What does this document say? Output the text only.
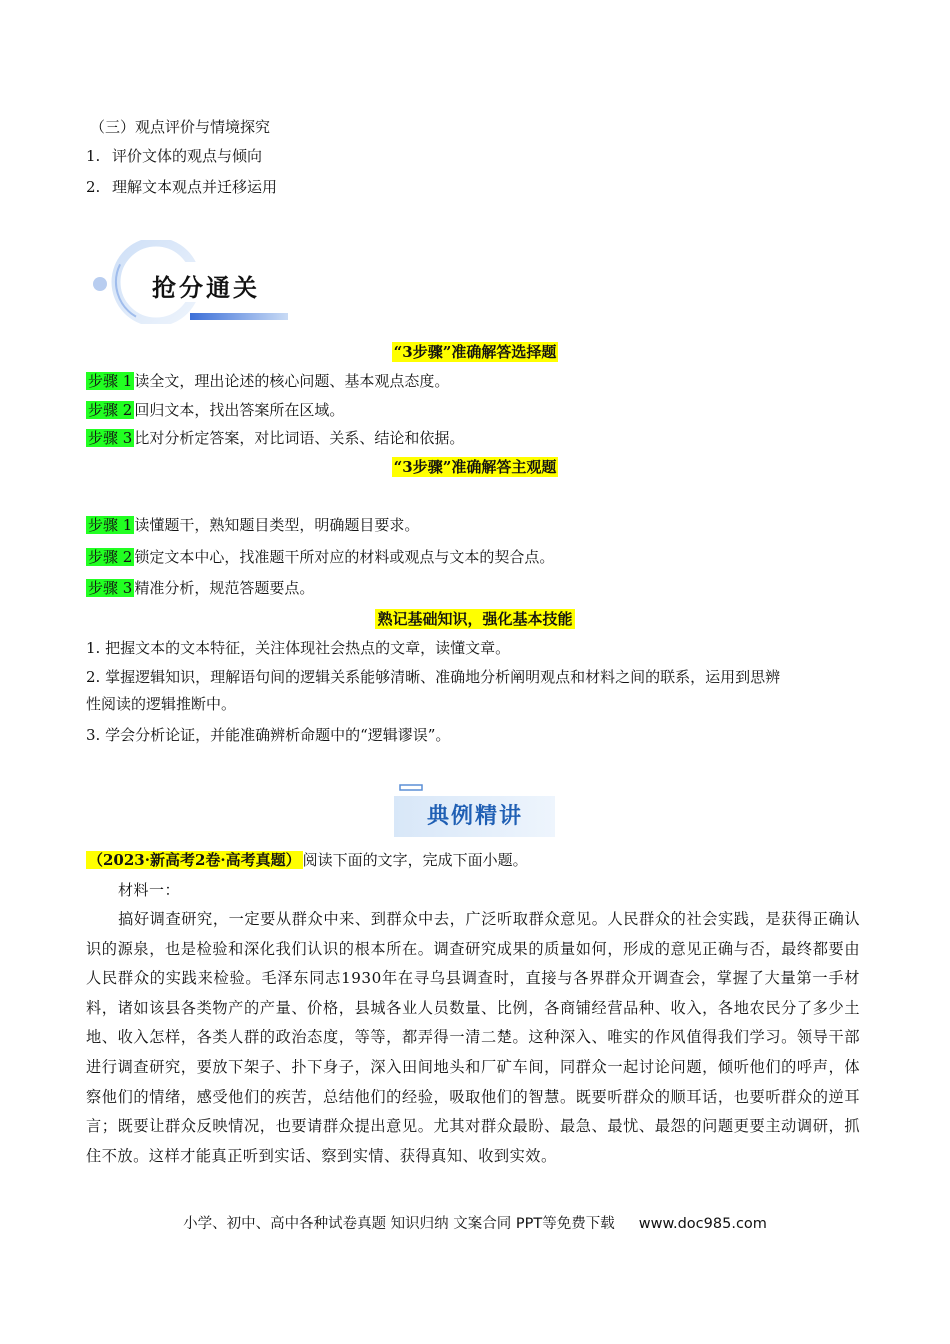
（三）观点评价与情境探究
1. 评价文体的观点与倾向
2. 理解文本观点并迁移运用
抢分通关
“3步骤”准确解答选择题
步骤 1 读全文，理出论述的核心问题、基本观点态度。
步骤 2 回归文本，找出答案所在区域。
步骤 3 比对分析定答案，对比词语、关系、结论和依据。
“3步骤”准确解答主观题
步骤 1 读懂题干，熟知题目类型，明确题目要求。
步骤 2 锁定文本中心，找准题干所对应的材料或观点与文本的契合点。
步骤 3 精准分析，规范答题要点。
熟记基础知识，强化基本技能
1. 把握文本的文本特征，关注体现社会热点的文章，读懂文章。
2. 掌握逻辑知识，理解语句间的逻辑关系能够清晰、准确地分析阐明观点和材料之间的联系，运用到思辨
性阅读的逻辑推断中。
3. 学会分析论证，并能准确辨析命题中的“逻辑谬误”。
典例精讲
（2023·新高考2卷·高考真题） 阅读下面的文字，完成下面小题。
材料一：
搞好调查研究，一定要从群众中来、到群众中去，广泛听取群众意见。人民群众的社会实践，是获得正确认识的源泉，也是检验和深化我们认识的根本所在。调查研究成果的质量如何，形成的意见正确与否，最终都要由人民群众的实践来检验。毛泽东同志1930年在寻乌县调查时，直接与各界群众开调查会，掌握了大量第一手材料，诸如该县各类物产的产量、价格，县城各业人员数量、比例，各商铺经营品种、收入，各地农民分了多少土地、收入怎样，各类人群的政治态度，等等，都弄得一清二楚。这种深入、唯实的作风值得我们学习。领导干部进行调查研究，要放下架子、扑下身子，深入田间地头和厂矿车间，同群众一起讨论问题，倾听他们的呼声，体察他们的情绪，感受他们的疾苦，总结他们的经验，吸取他们的智慧。既要听群众的顺耳话，也要听群众的逆耳言；既要让群众反映情况，也要请群众提出意见。尤其对群众最盼、最急、最忧、最怨的问题更要主动调研，抓住不放。这样才能真正听到实话、察到实情、获得真知、收到实效。
小学、初中、高中各种试卷真题 知识归纳 文案合同 PPT等免费下载 www.doc985.com
